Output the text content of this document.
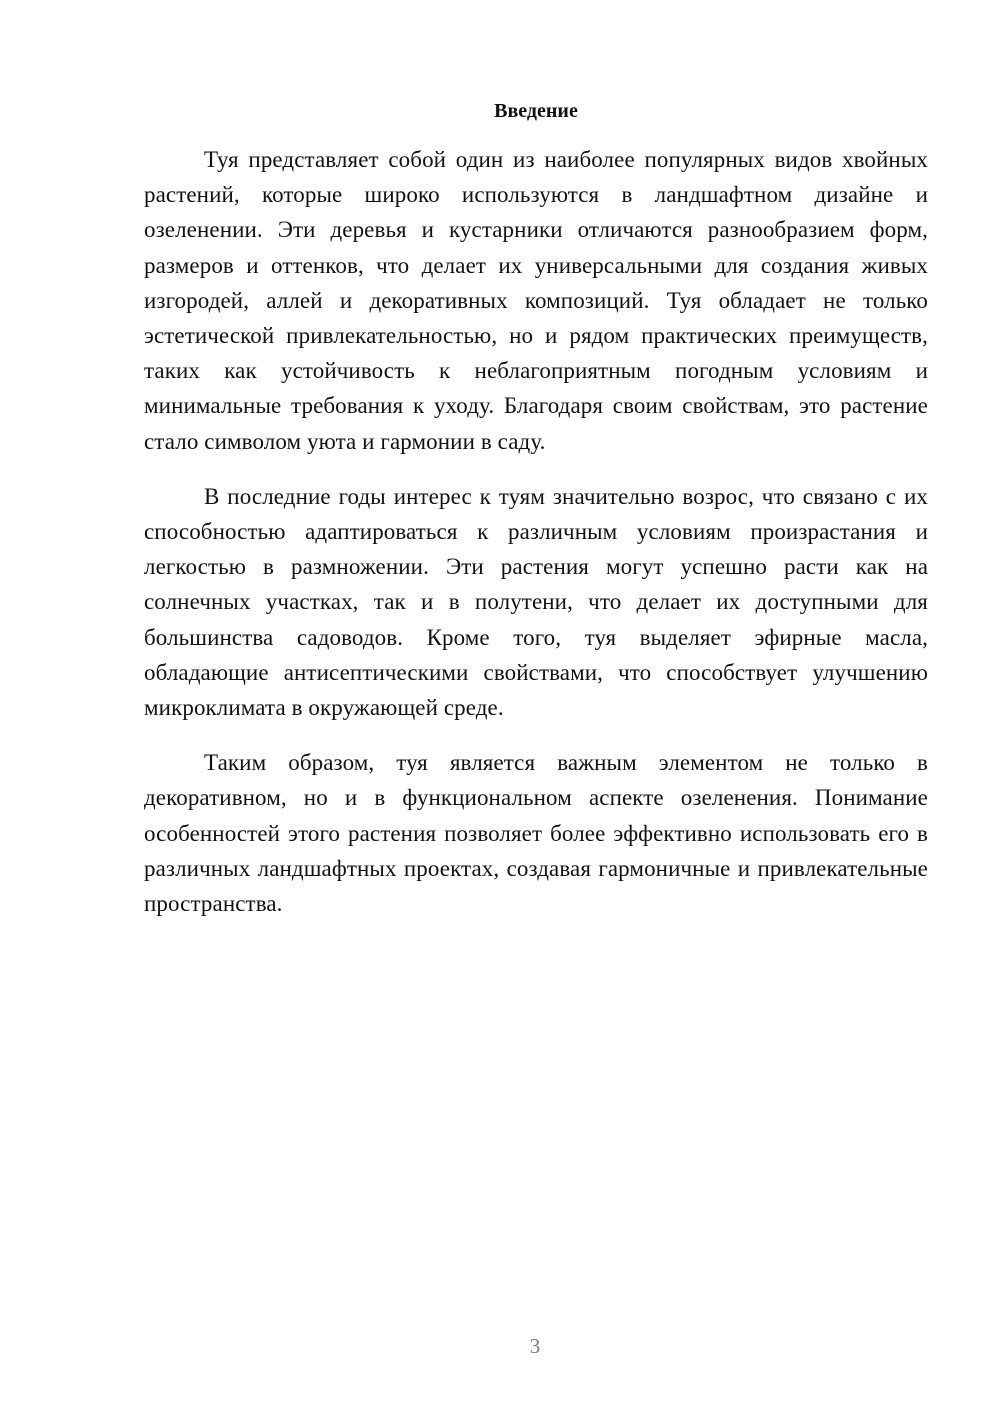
Введение

Туя представляет собой один из наиболее популярных видов хвойных растений, которые широко используются в ландшафтном дизайне и озеленении. Эти деревья и кустарники отличаются разнообразием форм, размеров и оттенков, что делает их универсальными для создания живых изгородей, аллей и декоративных композиций. Туя обладает не только эстетической привлекательностью, но и рядом практических преимуществ, таких как устойчивость к неблагоприятным погодным условиям и минимальные требования к уходу. Благодаря своим свойствам, это растение стало символом уюта и гармонии в саду.

В последние годы интерес к туям значительно возрос, что связано с их способностью адаптироваться к различным условиям произрастания и легкостью в размножении. Эти растения могут успешно расти как на солнечных участках, так и в полутени, что делает их доступными для большинства садоводов. Кроме того, туя выделяет эфирные масла, обладающие антисептическими свойствами, что способствует улучшению микроклимата в окружающей среде.

Таким образом, туя является важным элементом не только в декоративном, но и в функциональном аспекте озеленения. Понимание особенностей этого растения позволяет более эффективно использовать его в различных ландшафтных проектах, создавая гармоничные и привлекательные пространства.

3
